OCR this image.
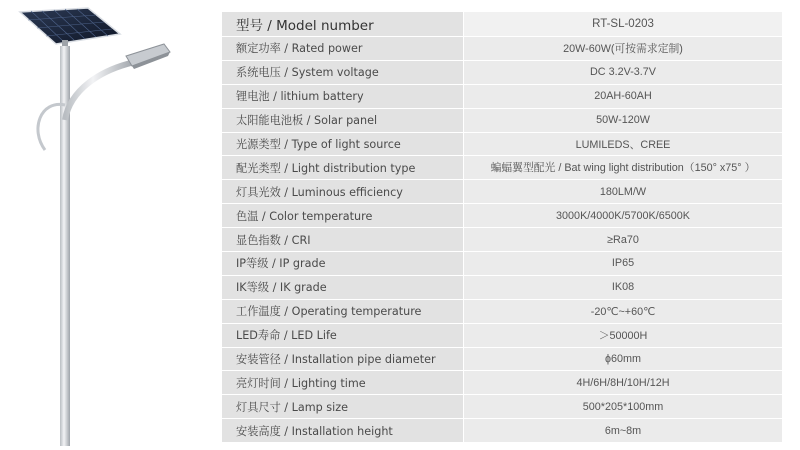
型号 / Model number	RT-SL-0203
额定功率 / Rated power	20W-60W(可按需求定制)
系统电压 / System voltage	DC 3.2V-3.7V
锂电池 / lithium battery	20AH-60AH
太阳能电池板 / Solar panel	50W-120W
光源类型 / Type of light source	LUMILEDS、CREE
配光类型 / Light distribution type	蝙蝠翼型配光 / Bat wing light distribution（150° x75° ）
灯具光效 / Luminous efficiency	180LM/W
色温 / Color temperature	3000K/4000K/5700K/6500K
显色指数 / CRI	≥Ra70
IP等级 / IP grade	IP65
IK等级 / IK grade	IK08
工作温度 / Operating temperature	-20℃~+60℃
LED寿命 / LED Life	＞50000H
安装管径 / Installation pipe diameter	ɸ60mm
亮灯时间 / Lighting time	4H/6H/8H/10H/12H
灯具尺寸 / Lamp size	500*205*100mm
安装高度 / Installation height	6m~8m
